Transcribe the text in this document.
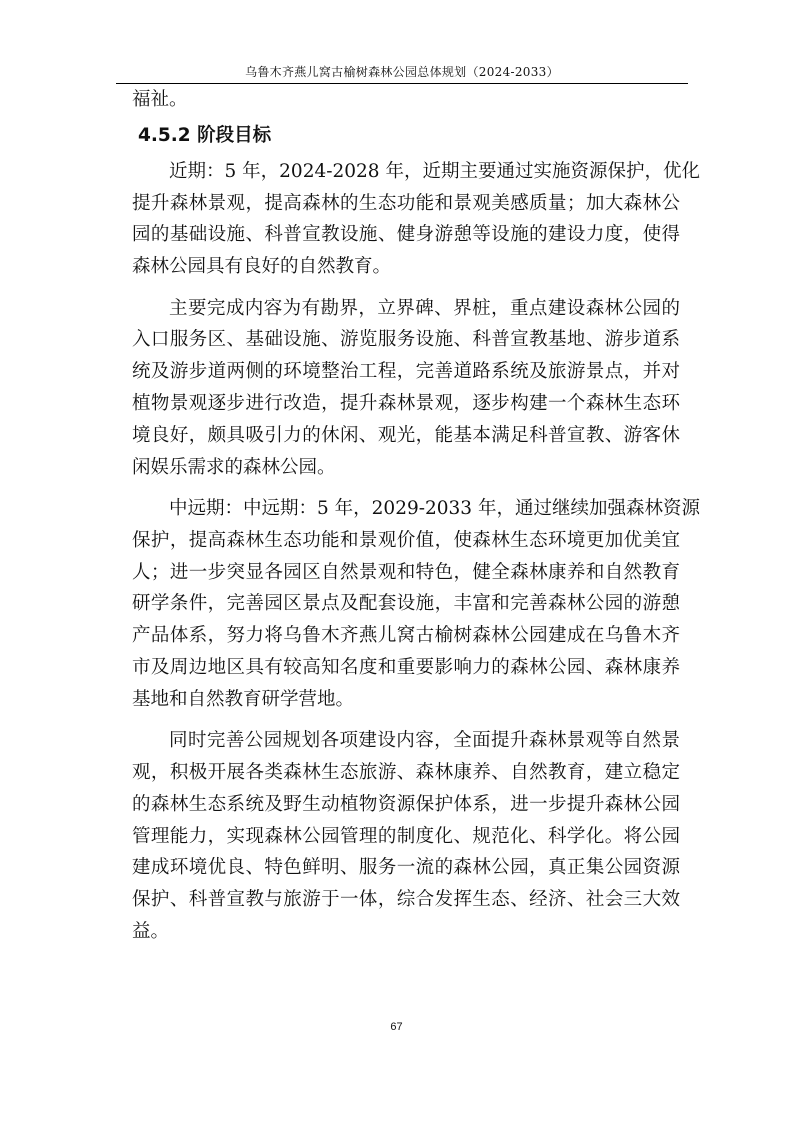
乌鲁木齐燕儿窝古榆树森林公园总体规划（2024-2033）
福祉。
4.5.2 阶段目标
近期：5 年，2024-2028 年，近期主要通过实施资源保护，优化
提升森林景观，提高森林的生态功能和景观美感质量；加大森林公
园的基础设施、科普宣教设施、健身游憩等设施的建设力度，使得
森林公园具有良好的自然教育。
主要完成内容为有勘界，立界碑、界桩，重点建设森林公园的
入口服务区、基础设施、游览服务设施、科普宣教基地、游步道系
统及游步道两侧的环境整治工程，完善道路系统及旅游景点，并对
植物景观逐步进行改造，提升森林景观，逐步构建一个森林生态环
境良好，颇具吸引力的休闲、观光，能基本满足科普宣教、游客休
闲娱乐需求的森林公园。
中远期：中远期：5 年，2029-2033 年，通过继续加强森林资源
保护，提高森林生态功能和景观价值，使森林生态环境更加优美宜
人；进一步突显各园区自然景观和特色，健全森林康养和自然教育
研学条件，完善园区景点及配套设施，丰富和完善森林公园的游憩
产品体系，努力将乌鲁木齐燕儿窝古榆树森林公园建成在乌鲁木齐
市及周边地区具有较高知名度和重要影响力的森林公园、森林康养
基地和自然教育研学营地。
同时完善公园规划各项建设内容，全面提升森林景观等自然景
观，积极开展各类森林生态旅游、森林康养、自然教育，建立稳定
的森林生态系统及野生动植物资源保护体系，进一步提升森林公园
管理能力，实现森林公园管理的制度化、规范化、科学化。将公园
建成环境优良、特色鲜明、服务一流的森林公园，真正集公园资源
保护、科普宣教与旅游于一体，综合发挥生态、经济、社会三大效
益。
67
